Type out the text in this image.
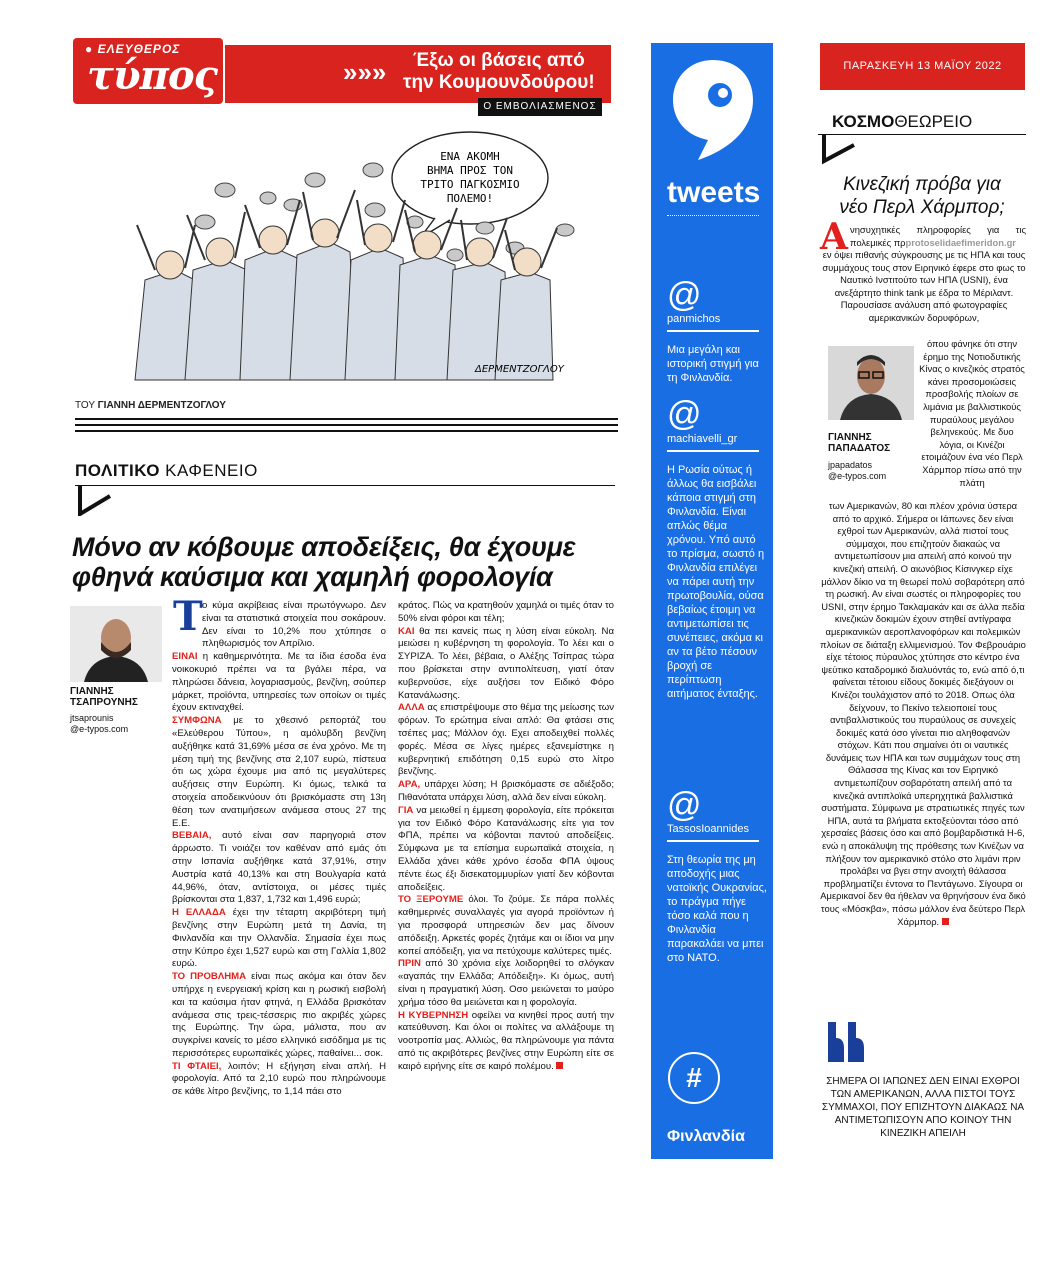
● ΕΛΕΥΘΕΡΟΣ
τύπος	»»»	Έξω οι βάσεις από
την Κουμουνδούρου!
Ο ΕΜΒΟΛΙΑΣΜΕΝΟΣ
ΕΝΑ ΑΚΟΜΗ
ΒΗΜΑ ΠΡΟΣ ΤΟΝ
ΤΡΙΤΟ ΠΑΓΚΟΣΜΙΟ
ΠΟΛΕΜΟ!
ΔΕΡΜΕΝΤΖΟΓΛΟΥ
ΤΟΥ ΓΙΑΝΝΗ ΔΕΡΜΕΝΤΖΟΓΛΟΥ
ΠΟΛΙΤΙΚΟ ΚΑΦΕΝΕΙΟ
Μόνο αν κόβουμε αποδείξεις, θα έχουμε
φθηνά καύσιμα και χαμηλή φορολογία
ΓΙΑΝΝΗΣ
ΤΣΑΠΡΟΥΝΗΣ
jtsaprounis
@e-typos.com
Τ ο κύμα ακρίβειας είναι πρωτόγνωρο. Δεν είναι τα στατιστικά στοιχεία που σοκάρουν. Δεν είναι το 10,2% που χτύπησε ο πληθωρισμός τον Απρίλιο.

ΕΙΝΑΙ η καθημερινότητα. Με τα ίδια έσοδα ένα νοικοκυριό πρέπει να τα βγάλει πέρα, να πληρώσει δάνεια, λογαριασμούς, βενζίνη, σούπερ μάρκετ, προϊόντα, υπηρεσίες των οποίων οι τιμές έχουν εκτιναχθεί.

ΣΥΜΦΩΝΑ με το χθεσινό ρεπορτάζ του «Ελεύθερου Τύπου», η αμόλυβδη βενζίνη αυξήθηκε κατά 31,69% μέσα σε ένα χρόνο. Με τη μέση τιμή της βενζίνης στα 2,107 ευρώ, πίστευα ότι ως χώρα έχουμε μια από τις μεγαλύτερες αυξήσεις στην Ευρώπη. Κι όμως, τελικά τα στοιχεία αποδεικνύουν ότι βρισκόμαστε στη 13η θέση των ανατιμήσεων ανάμεσα στους 27 της Ε.Ε.

ΒΕΒΑΙΑ, αυτό είναι σαν παρηγοριά στον άρρωστο. Τι νοιάζει τον καθέναν από εμάς ότι στην Ισπανία αυξήθηκε κατά 37,91%, στην Αυστρία κατά 40,13% και στη Βουλγαρία κατά 44,96%, όταν, αντίστοιχα, οι μέσες τιμές βρίσκονται στα 1,837, 1,732 και 1,496 ευρώ;

Η ΕΛΛΑΔΑ έχει την τέταρτη ακριβότερη τιμή βενζίνης στην Ευρώπη μετά τη Δανία, τη Φινλανδία και την Ολλανδία. Σημασία έχει πως στην Κύπρο έχει 1,527 ευρώ και στη Γαλλία 1,802 ευρώ.

ΤΟ ΠΡΟΒΛΗΜΑ είναι πως ακόμα και όταν δεν υπήρχε η ενεργειακή κρίση και η ρωσική εισβολή και τα καύσιμα ήταν φτηνά, η Ελλάδα βρισκόταν ανάμεσα στις τρεις-τέσσερις πιο ακριβές χώρες της Ευρώπης. Την ώρα, μάλιστα, που αν συγκρίνει κανείς το μέσο ελληνικό εισόδημα με τις περισσότερες ευρωπαϊκές χώρες, παθαίνει... σοκ.

ΤΙ ΦΤΑΙΕΙ, λοιπόν; Η εξήγηση είναι απλή. Η φορολογία. Από τα 2,10 ευρώ που πληρώνουμε σε κάθε λίτρο βενζίνης, το 1,14 πάει στο

κράτος. Πώς να κρατηθούν χαμηλά οι τιμές όταν το 50% είναι φόροι και τέλη;

ΚΑΙ θα πει κανείς πως η λύση είναι εύκολη. Να μειώσει η κυβέρνηση τη φορολογία. Το λέει και ο ΣΥΡΙΖΑ. Το λέει, βέβαια, ο Αλέξης Τσίπρας τώρα που βρίσκεται στην αντιπολίτευση, γιατί όταν κυβερνούσε, είχε αυξήσει τον Ειδικό Φόρο Κατανάλωσης.

ΑΛΛΑ ας επιστρέψουμε στο θέμα της μείωσης των φόρων. Το ερώτημα είναι απλό: Θα φτάσει στις τσέπες μας; Μάλλον όχι. Εχει αποδειχθεί πολλές φορές. Μέσα σε λίγες ημέρες εξανεμίστηκε η κυβερνητική επιδότηση 0,15 ευρώ στο λίτρο βενζίνης.

ΑΡΑ, υπάρχει λύση; Η βρισκόμαστε σε αδιέξοδο; Πιθανότατα υπάρχει λύση, αλλά δεν είναι εύκολη.

ΓΙΑ να μειωθεί η έμμεση φορολογία, είτε πρόκειται για τον Ειδικό Φόρο Κατανάλωσης είτε για τον ΦΠΑ, πρέπει να κόβονται παντού αποδείξεις. Σύμφωνα με τα επίσημα ευρωπαϊκά στοιχεία, η Ελλάδα χάνει κάθε χρόνο έσοδα ΦΠΑ ύψους πέντε έως έξι δισεκατομμυρίων γιατί δεν κόβονται αποδείξεις.

ΤΟ ΞΕΡΟΥΜΕ όλοι. Το ζούμε. Σε πάρα πολλές καθημερινές συναλλαγές για αγορά προϊόντων ή για προσφορά υπηρεσιών δεν μας δίνουν απόδειξη. Αρκετές φορές ζητάμε και οι ίδιοι να μην κοπεί απόδειξη, για να πετύχουμε καλύτερες τιμές.

ΠΡΙΝ από 30 χρόνια είχε λοιδορηθεί το σλόγκαν «αγαπάς την Ελλάδα; Απόδειξη». Κι όμως, αυτή είναι η πραγματική λύση. Οσο μειώνεται το μαύρο χρήμα τόσο θα μειώνεται και η φορολογία.

Η ΚΥΒΕΡΝΗΣΗ οφείλει να κινηθεί προς αυτή την κατεύθυνση. Και όλοι οι πολίτες να αλλάξουμε τη νοοτροπία μας. Αλλιώς, θα πληρώνουμε για πάντα από τις ακριβότερες βενζίνες στην Ευρώπη είτε σε καιρό ειρήνης είτε σε καιρό πολέμου.

tweets
@
panmichos
Μια μεγάλη και ιστορική στιγμή για τη Φινλανδία.
@
machiavelli_gr
Η Ρωσία ούτως ή άλλως θα εισβάλει κάποια στιγμή στη Φινλανδία. Είναι απλώς θέμα χρόνου. Υπό αυτό το πρίσμα, σωστό η Φινλανδία επιλέγει να πάρει αυτή την πρωτοβουλία, ούσα βεβαίως έτοιμη να αντιμετωπίσει τις συνέπειες, ακόμα κι αν τα βέτο πέσουν βροχή σε περίπτωση αιτήματος ένταξης.
@
TassosIoannides
Στη θεωρία της μη αποδοχής μιας νατοϊκής Ουκρανίας, το πράγμα πήγε τόσο καλά που η Φινλανδία παρακαλάει να μπει στο ΝΑΤΟ.
#
Φινλανδία
ΠΑΡΑΣΚΕΥΗ 13 ΜΑΪΟΥ 2022
ΚΟΣΜΟΘΕΩΡΕΙΟ
Κινεζική πρόβα για
νέο Περλ Χάρμπορ;
Α νησυχητικές πληροφορίες για τις πολεμικές πρprotoselidaefimeridon.gr
εν όψει πιθανής σύγκρουσης με τις ΗΠΑ και τους συμμάχους τους στον Ειρηνικό έφερε στο φως το Ναυτικό Ινστιτούτο των ΗΠΑ (USNI), ένα ανεξάρτητο think tank με έδρα το Μέριλαντ. Παρουσίασε ανάλυση από φωτογραφίες αμερικανικών δορυφόρων,
ΓΙΑΝΝΗΣ
ΠΑΠΑΔΑΤΟΣ
jpapadatos
@e-typos.com
όπου φάνηκε ότι στην έρημο της Νοτιοδυτικής Κίνας ο κινεζικός στρατός κάνει προσομοιώσεις προσβολής πλοίων σε λιμάνια με βαλλιστικούς πυραύλους μεγάλου βεληνεκούς. Με δυο λόγια, οι Κινέζοι ετοιμάζουν ένα νέο Περλ Χάρμπορ πίσω από την πλάτη
των Αμερικανών, 80 και πλέον χρόνια ύστερα από το αρχικό. Σήμερα οι Ιάπωνες δεν είναι εχθροί των Αμερικανών, αλλά πιστοί τους σύμμαχοι, που επιζητούν διακαώς να αντιμετωπίσουν μια απειλή από κοινού την κινεζική απειλή. Ο αιωνόβιος Κίσινγκερ είχε μάλλον δίκιο να τη θεωρεί πολύ σοβαρότερη από τη ρωσική. Αν είναι σωστές οι πληροφορίες του USNI, στην έρημο Τακλαμακάν και σε άλλα πεδία κινεζικών δοκιμών έχουν στηθεί αντίγραφα αμερικανικών αεροπλανοφόρων και πολεμικών πλοίων σε διάταξη ελλιμενισμού. Τον Φεβρουάριο είχε τέτοιος πύραυλος χτύπησε στο κέντρο ένα ψεύτικο καταδρομικό διαλυόντάς το, ενώ από ό,τι φαίνεται τέτοιου είδους δοκιμές διεξάγουν οι Κινέζοι τουλάχιστον από το 2018. Οπως όλα δείχνουν, το Πεκίνο τελειοποιεί τους αντιβαλλιστικούς του πυραύλους σε συνεχείς δοκιμές κατά όσο γίνεται πιο αληθοφανών στόχων. Κάτι που σημαίνει ότι οι ναυτικές δυνάμεις των ΗΠΑ και των συμμάχων τους στη Θάλασσα της Κίνας και τον Ειρηνικό αντιμετωπίζουν σοβαρότατη απειλή από τα κινεζικά αντιπλοϊκά υπερηχητικά βαλλιστικά συστήματα. Σύμφωνα με στρατιωτικές πηγές των ΗΠΑ, αυτά τα βλήματα εκτοξεύονται τόσο από χερσαίες βάσεις όσο και από βομβαρδιστικά Η-6, ενώ η αποκάλυψη της πρόθεσης των Κινέζων να πλήξουν τον αμερικανικό στόλο στο λιμάνι πριν προλάβει να βγει στην ανοιχτή θάλασσα προβληματίζει έντονα το Πεντάγωνο. Σίγουρα οι Αμερικανοί δεν θα ήθελαν να θρηνήσουν ένα δικό τους «Μόσκβα», πόσω μάλλον ένα δεύτερο Περλ Χάρμπορ.
ΣΗΜΕΡΑ ΟΙ ΙΑΠΩΝΕΣ ΔΕΝ ΕΙΝΑΙ ΕΧΘΡΟΙ ΤΩΝ ΑΜΕΡΙΚΑΝΩΝ, ΑΛΛΑ ΠΙΣΤΟΙ ΤΟΥΣ ΣΥΜΜΑΧΟΙ, ΠΟΥ ΕΠΙΖΗΤΟΥΝ ΔΙΑΚΑΩΣ ΝΑ ΑΝΤΙΜΕΤΩΠΙΣΟΥΝ ΑΠΟ ΚΟΙΝΟΥ ΤΗΝ ΚΙΝΕΖΙΚΗ ΑΠΕΙΛΗ
